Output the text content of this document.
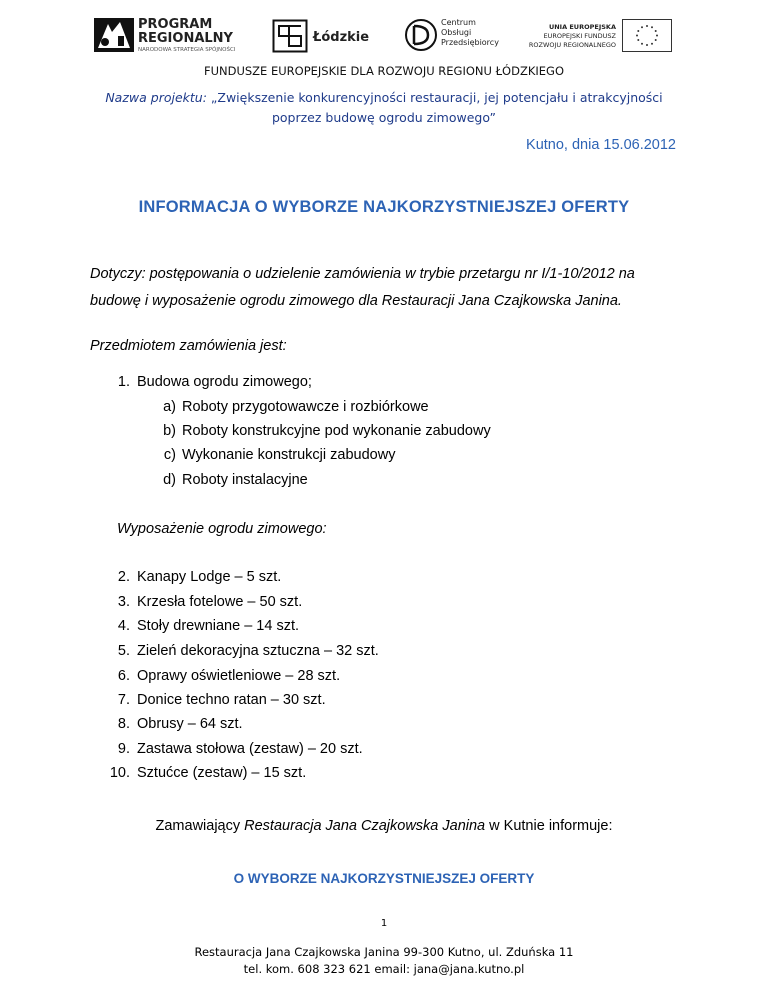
PROGRAM
REGIONALNY
NARODOWA STRATEGIA SPÓJNOŚCI
Łódzkie
Centrum
Obsługi
Przedsiębiorcy
UNIA EUROPEJSKA
EUROPEJSKI FUNDUSZ
ROZWOJU REGIONALNEGO
FUNDUSZE EUROPEJSKIE DLA ROZWOJU REGIONU ŁÓDZKIEGO
Nazwa projektu: „Zwiększenie konkurencyjności restauracji, jej potencjału i atrakcyjności
poprzez budowę ogrodu zimowego”
Kutno, dnia 15.06.2012
INFORMACJA O WYBORZE NAJKORZYSTNIEJSZEJ OFERTY
Dotyczy: postępowania o udzielenie zamówienia w trybie przetargu nr I/1-10/2012 na
budowę i wyposażenie ogrodu zimowego dla Restauracji Jana Czajkowska Janina.
Przedmiotem zamówienia jest:
1. Budowa ogrodu zimowego;
a) Roboty przygotowawcze i rozbiórkowe
b) Roboty konstrukcyjne pod wykonanie zabudowy
c) Wykonanie konstrukcji zabudowy
d) Roboty instalacyjne
Wyposażenie ogrodu zimowego:
2. Kanapy Lodge – 5 szt.
3. Krzesła fotelowe – 50 szt.
4. Stoły drewniane – 14 szt.
5. Zieleń dekoracyjna sztuczna – 32 szt.
6. Oprawy oświetleniowe – 28 szt.
7. Donice techno ratan – 30 szt.
8. Obrusy – 64 szt.
9. Zastawa stołowa (zestaw) – 20 szt.
10. Sztućce (zestaw) – 15 szt.
Zamawiający Restauracja Jana Czajkowska Janina w Kutnie informuje:
O WYBORZE NAJKORZYSTNIEJSZEJ OFERTY
1
Restauracja Jana Czajkowska Janina 99-300 Kutno, ul. Zduńska 11
tel. kom. 608 323 621 email: jana@jana.kutno.pl
